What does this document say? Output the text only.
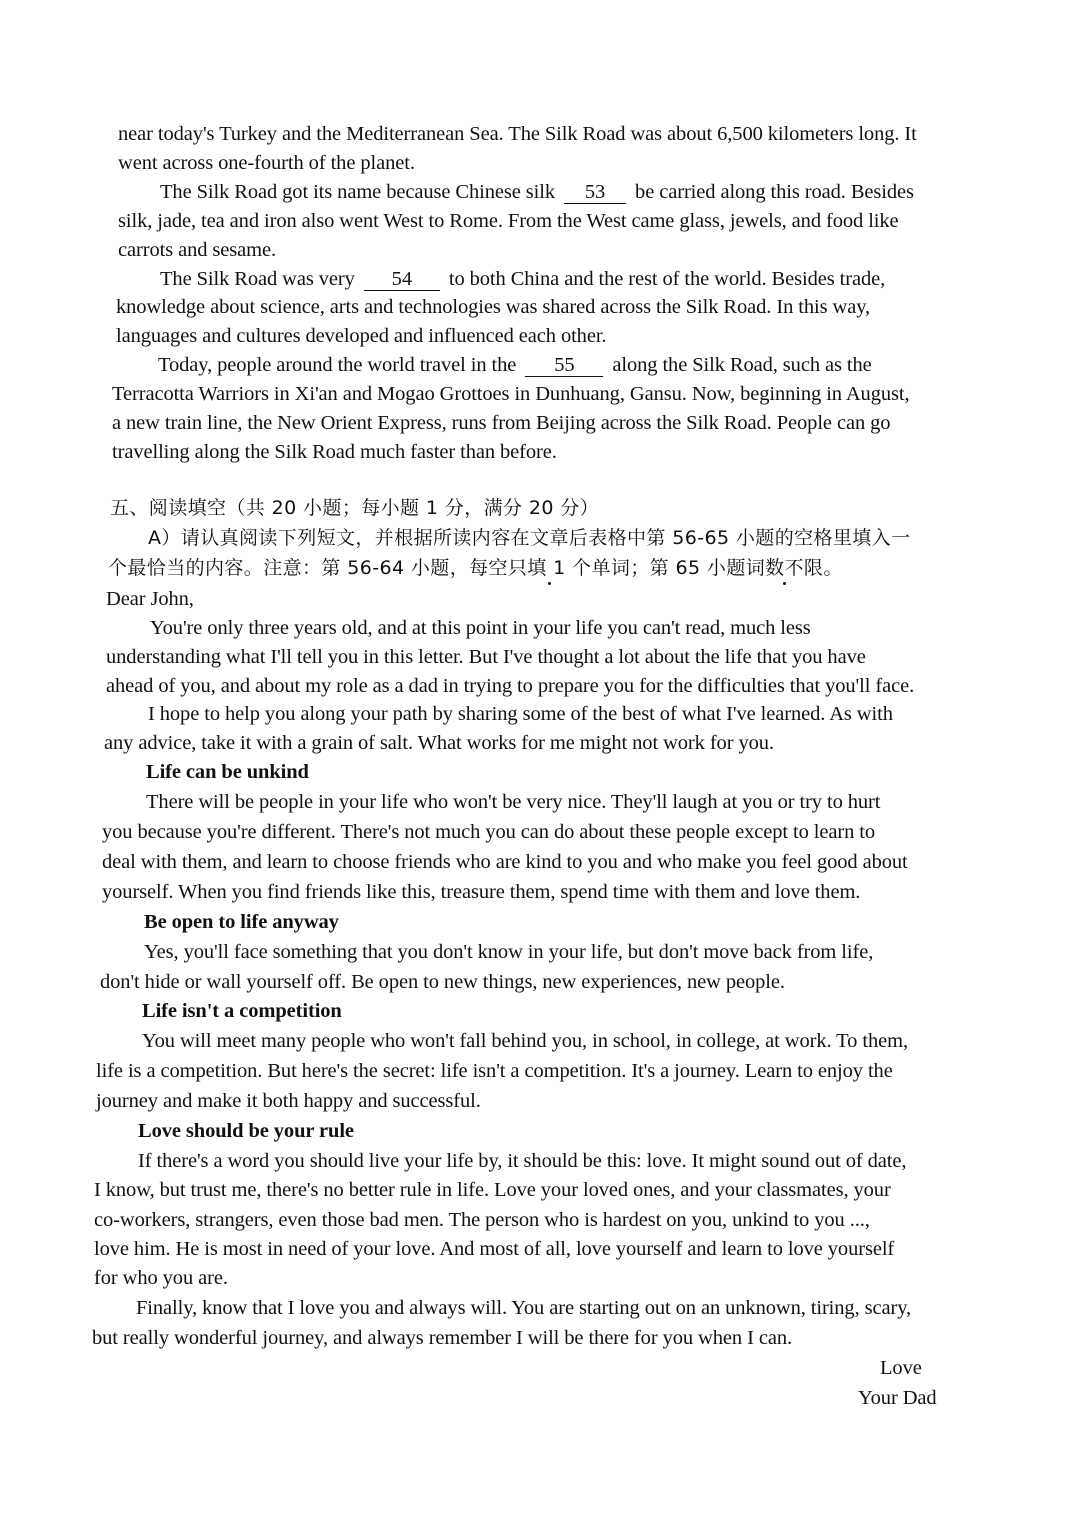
near today's Turkey and the Mediterranean Sea. The Silk Road was about 6,500 kilometers long. It
went across one-fourth of the planet.
The Silk Road got its name because Chinese silk 53 be carried along this road. Besides
silk, jade, tea and iron also went West to Rome. From the West came glass, jewels, and food like
carrots and sesame.
The Silk Road was very 54 to both China and the rest of the world. Besides trade,
knowledge about science, arts and technologies was shared across the Silk Road. In this way,
languages and cultures developed and influenced each other.
Today, people around the world travel in the 55 along the Silk Road, such as the
Terracotta Warriors in Xi'an and Mogao Grottoes in Dunhuang, Gansu. Now, beginning in August,
a new train line, the New Orient Express, runs from Beijing across the Silk Road. People can go
travelling along the Silk Road much faster than before.
五、阅读填空（共 20 小题；每小题 1 分，满分 20 分）
A）请认真阅读下列短文，并根据所读内容在文章后表格中第 56-65 小题的空格里填入一
个最恰当的内容。注意：第 56-64 小题，每空只填 1 个单词；第 65 小题词数不限。
Dear John,
You're only three years old, and at this point in your life you can't read, much less
understanding what I'll tell you in this letter. But I've thought a lot about the life that you have
ahead of you, and about my role as a dad in trying to prepare you for the difficulties that you'll face.
I hope to help you along your path by sharing some of the best of what I've learned. As with
any advice, take it with a grain of salt. What works for me might not work for you.
Life can be unkind
There will be people in your life who won't be very nice. They'll laugh at you or try to hurt
you because you're different. There's not much you can do about these people except to learn to
deal with them, and learn to choose friends who are kind to you and who make you feel good about
yourself. When you find friends like this, treasure them, spend time with them and love them.
Be open to life anyway
Yes, you'll face something that you don't know in your life, but don't move back from life,
don't hide or wall yourself off. Be open to new things, new experiences, new people.
Life isn't a competition
You will meet many people who won't fall behind you, in school, in college, at work. To them,
life is a competition. But here's the secret: life isn't a competition. It's a journey. Learn to enjoy the
journey and make it both happy and successful.
Love should be your rule
If there's a word you should live your life by, it should be this: love. It might sound out of date,
I know, but trust me, there's no better rule in life. Love your loved ones, and your classmates, your
co-workers, strangers, even those bad men. The person who is hardest on you, unkind to you ...,
love him. He is most in need of your love. And most of all, love yourself and learn to love yourself
for who you are.
Finally, know that I love you and always will. You are starting out on an unknown, tiring, scary,
but really wonderful journey, and always remember I will be there for you when I can.
Love
Your Dad
